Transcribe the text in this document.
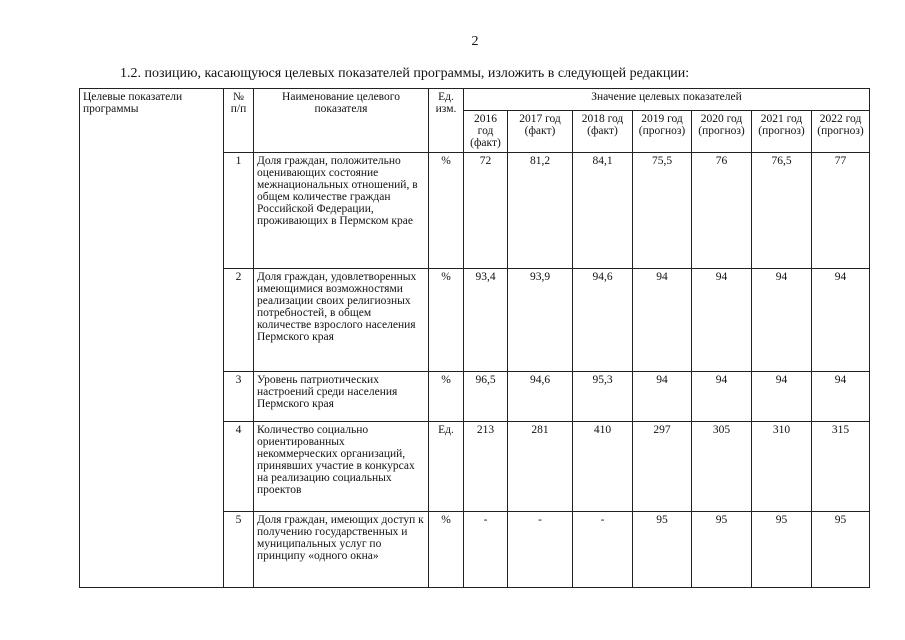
2
1.2. позицию, касающуюся целевых показателей программы, изложить в следующей редакции:
Целевые показатели программы	№ п/п	Наименование целевого показателя	Ед. изм.	Значение целевых показателей						
				2016 год (факт)	2017 год (факт)	2018 год (факт)	2019 год (прогноз)	2020 год (прогноз)	2021 год (прогноз)	2022 год (прогноз)
	1	Доля граждан, положительно оценивающих состояние межнациональных отношений, в общем количестве граждан Российской Федерации, проживающих в Пермском крае	%	72	81,2	84,1	75,5	76	76,5	77
	2	Доля граждан, удовлетворенных имеющимися возможностями реализации своих религиозных потребностей, в общем количестве взрослого населения Пермского края	%	93,4	93,9	94,6	94	94	94	94
	3	Уровень патриотических настроений среди населения Пермского края	%	96,5	94,6	95,3	94	94	94	94
	4	Количество социально ориентированных некоммерческих организаций, принявших участие в конкурсах на реализацию социальных проектов	Ед.	213	281	410	297	305	310	315
	5	Доля граждан, имеющих доступ к получению государственных и муниципальных услуг по принципу «одного окна»	%	-	-	-	95	95	95	95
